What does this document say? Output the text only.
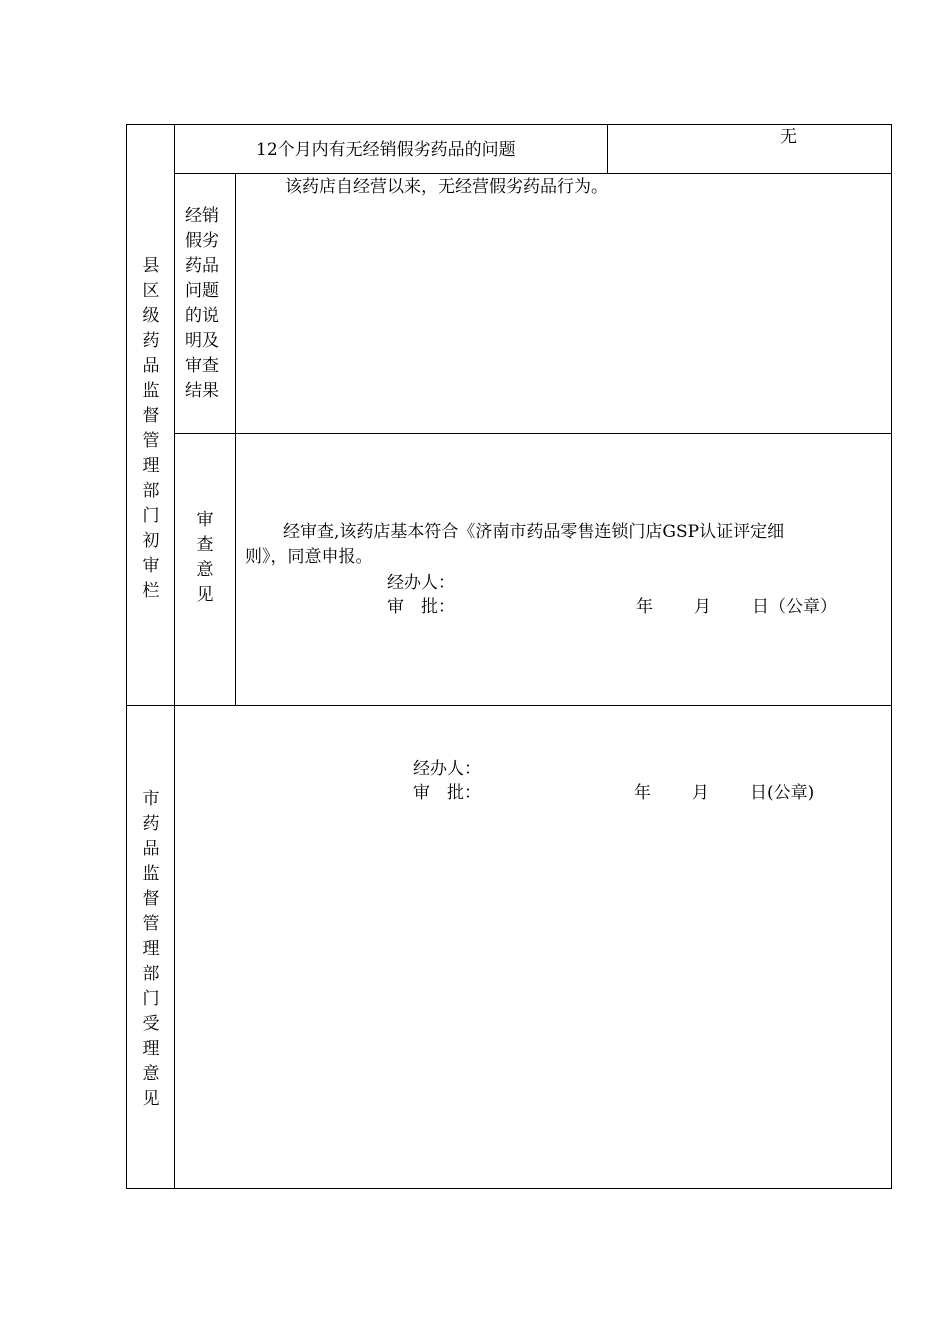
县区级药品监督管理部门初审栏
12个月内有无经销假劣药品的问题
无
经销假劣药品问题的说明及审查结果
该药店自经营以来，无经营假劣药品行为。
审查意见
经审查,该药店基本符合《济南市药品零售连锁门店GSP认证评定细
则》，同意申报。
经办人：
审　批：	年 月 日（公章）
市药品监督管理部门受理意见
经办人：
审　批：	年 月 日(公章)
